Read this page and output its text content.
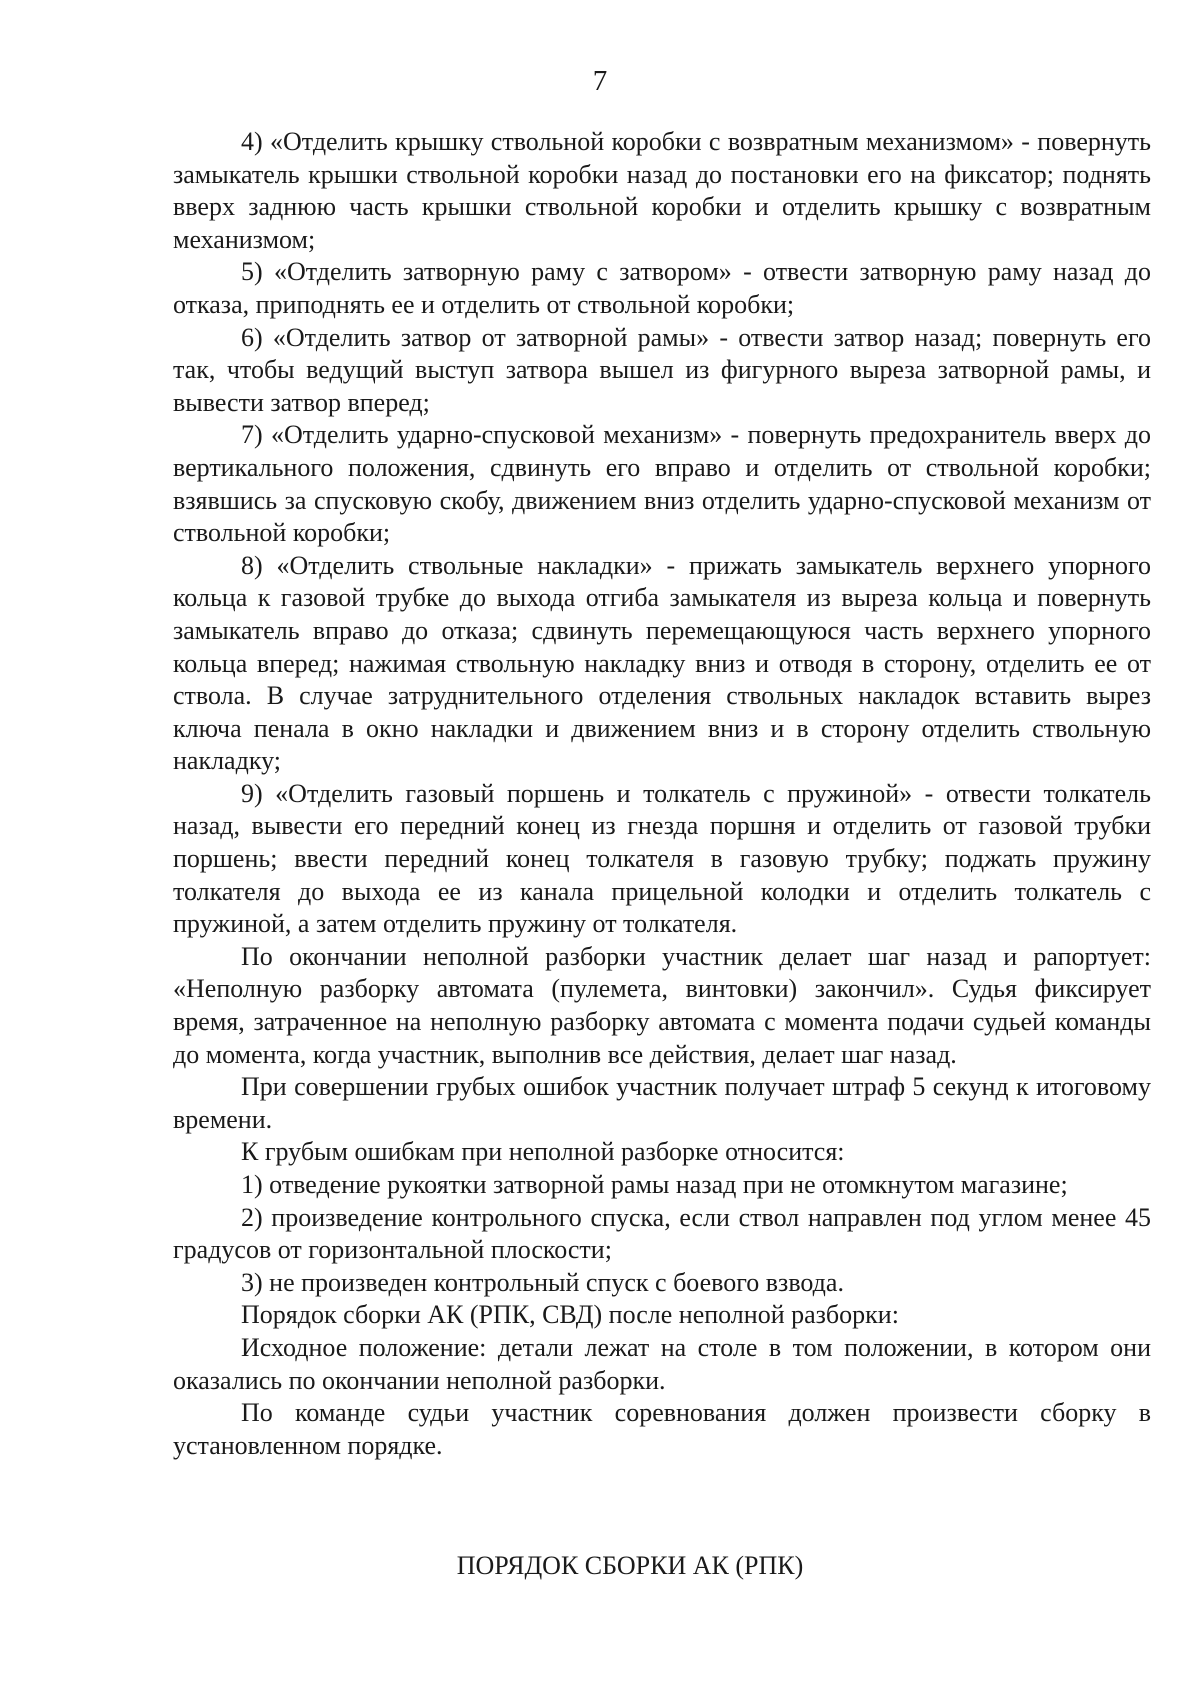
7

4) «Отделить крышку ствольной коробки с возвратным механизмом» - повернуть замыкатель крышки ствольной коробки назад до постановки его на фиксатор; поднять вверх заднюю часть крышки ствольной коробки и отделить крышку с возвратным механизмом;

5) «Отделить затворную раму с затвором» - отвести затворную раму назад до отказа, приподнять ее и отделить от ствольной коробки;

6) «Отделить затвор от затворной рамы» - отвести затвор назад; повернуть его так, чтобы ведущий выступ затвора вышел из фигурного выреза затворной рамы, и вывести затвор вперед;

7) «Отделить ударно-спусковой механизм» - повернуть предохранитель вверх до вертикального положения, сдвинуть его вправо и отделить от ствольной коробки; взявшись за спусковую скобу, движением вниз отделить ударно-спусковой механизм от ствольной коробки;

8) «Отделить ствольные накладки» - прижать замыкатель верхнего упорного кольца к газовой трубке до выхода отгиба замыкателя из выреза кольца и повернуть замыкатель вправо до отказа; сдвинуть перемещающуюся часть верхнего упорного кольца вперед; нажимая ствольную накладку вниз и отводя в сторону, отделить ее от ствола. В случае затруднительного отделения ствольных накладок вставить вырез ключа пенала в окно накладки и движением вниз и в сторону отделить ствольную накладку;

9) «Отделить газовый поршень и толкатель с пружиной» - отвести толкатель назад, вывести его передний конец из гнезда поршня и отделить от газовой трубки поршень; ввести передний конец толкателя в газовую трубку; поджать пружину толкателя до выхода ее из канала прицельной колодки и отделить толкатель с пружиной, а затем отделить пружину от толкателя.

По окончании неполной разборки участник делает шаг назад и рапортует: «Неполную разборку автомата (пулемета, винтовки) закончил». Судья фиксирует время, затраченное на неполную разборку автомата с момента подачи судьей команды до момента, когда участник, выполнив все действия, делает шаг назад.

При совершении грубых ошибок участник получает штраф 5 секунд к итоговому времени.

К грубым ошибкам при неполной разборке относится:

1) отведение рукоятки затворной рамы назад при не отомкнутом магазине;

2) произведение контрольного спуска, если ствол направлен под углом менее 45 градусов от горизонтальной плоскости;

3) не произведен контрольный спуск с боевого взвода.

Порядок сборки АК (РПК, СВД) после неполной разборки:

Исходное положение: детали лежат на столе в том положении, в котором они оказались по окончании неполной разборки.

По команде судьи участник соревнования должен произвести сборку в установленном порядке.

ПОРЯДОК СБОРКИ АК (РПК)
